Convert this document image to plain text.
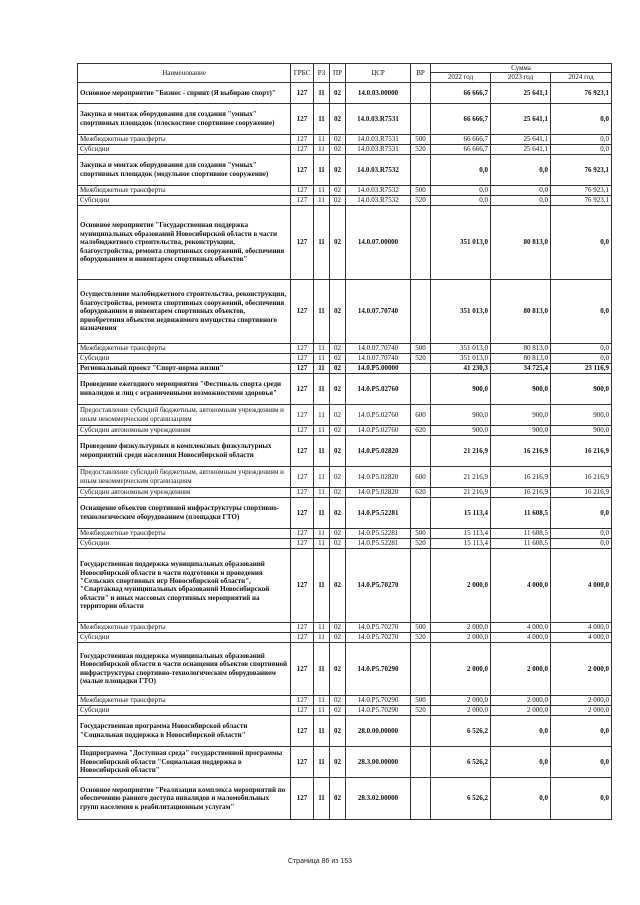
Наименование	ГРБС	РЗ	ПР	ЦСР	ВР	Сумма		
						2022 год	2023 год	2024 год
Основное мероприятие "Бизнес - спринт (Я выбираю спорт)"	127	11	02	14.0.03.00000		66 666,7	25 641,1	76 923,1
Закупка и монтаж оборудования для создания "умных" спортивных площадок (плоскостное спортивное сооружение)	127	11	02	14.0.03.R7531		66 666,7	25 641,1	0,0
Межбюджетные трансферты	127	11	02	14.0.03.R7531	500	66 666,7	25 641,1	0,0
Субсидии	127	11	02	14.0.03.R7531	520	66 666,7	25 641,1	0,0
Закупка и монтаж оборудования для создания "умных" спортивных площадок (модульное спортивное сооружение)	127	11	02	14.0.03.R7532		0,0	0,0	76 923,1
Межбюджетные трансферты	127	11	02	14.0.03.R7532	500	0,0	0,0	76 923,1
Субсидии	127	11	02	14.0.03.R7532	520	0,0	0,0	76 923,1
Основное мероприятие "Государственная поддержка муниципальных образований Новосибирской области в части малобюджетного строительства, реконструкции, благоустройства, ремонта спортивных сооружений, обеспечения оборудованием и инвентарем спортивных объектов"	127	11	02	14.0.07.00000		351 013,0	80 813,0	0,0
Осуществление малобюджетного строительства, реконструкции, благоустройства, ремонта спортивных сооружений, обеспечения оборудованием и инвентарем спортивных объектов, приобретения объектов недвижимого имущества спортивного назначения	127	11	02	14.0.07.70740		351 013,0	80 813,0	0,0
Межбюджетные трансферты	127	11	02	14.0.07.70740	500	351 013,0	80 813,0	0,0
Субсидии	127	11	02	14.0.07.70740	520	351 013,0	80 813,0	0,0
Региональный проект "Спорт-норма жизни"	127	11	02	14.0.P5.00000		41 230,3	34 725,4	23 116,9
Проведение ежегодного мероприятия "Фестиваль спорта среди инвалидов и лиц с ограниченными возможностями здоровья"	127	11	02	14.0.P5.02760		900,0	900,0	900,0
Предоставление субсидий бюджетным, автономным учреждениям и иным некоммерческим организациям	127	11	02	14.0.P5.02760	600	900,0	900,0	900,0
Субсидии автономным учреждениям	127	11	02	14.0.P5.02760	620	900,0	900,0	900,0
Проведение физкультурных и комплексных физкультурных мероприятий среди населения Новосибирской области	127	11	02	14.0.P5.02820		21 216,9	16 216,9	16 216,9
Предоставление субсидий бюджетным, автономным учреждениям и иным некоммерческим организациям	127	11	02	14.0.P5.02820	600	21 216,9	16 216,9	16 216,9
Субсидии автономным учреждениям	127	11	02	14.0.P5.02820	620	21 216,9	16 216,9	16 216,9
Оснащение объектов спортивной инфраструктуры спортивно-технологическим оборудованием (площадки ГТО)	127	11	02	14.0.P5.52281		15 113,4	11 608,5	0,0
Межбюджетные трансферты	127	11	02	14.0.P5.52281	500	15 113,4	11 608,5	0,0
Субсидии	127	11	02	14.0.P5.52281	520	15 113,4	11 608,5	0,0
Государственная поддержка муниципальных образований Новосибирской области в части подготовки и проведения "Сельских спортивных игр Новосибирской области", "Спартакиад муниципальных образований Новосибирской области" и иных массовых спортивных мероприятий на территории области	127	11	02	14.0.P5.70270		2 000,0	4 000,0	4 000,0
Межбюджетные трансферты	127	11	02	14.0.P5.70270	500	2 000,0	4 000,0	4 000,0
Субсидии	127	11	02	14.0.P5.70270	520	2 000,0	4 000,0	4 000,0
Государственная поддержка муниципальных образований Новосибирской области в части оснащения объектов спортивной инфраструктуры спортивно-технологическим оборудованием (малые площадки ГТО)	127	11	02	14.0.P5.70290		2 000,0	2 000,0	2 000,0
Межбюджетные трансферты	127	11	02	14.0.P5.70290	500	2 000,0	2 000,0	2 000,0
Субсидии	127	11	02	14.0.P5.70290	520	2 000,0	2 000,0	2 000,0
Государственная программа Новосибирской области "Социальная поддержка в Новосибирской области"	127	11	02	28.0.00.00000		6 526,2	0,0	0,0
Подпрограмма "Доступная среда" государственной программы Новосибирской области "Социальная поддержка в Новосибирской области"	127	11	02	28.3.00.00000		6 526,2	0,0	0,0
Основное мероприятие "Реализация комплекса мероприятий по обеспечению равного доступа инвалидов и маломобильных групп населения к реабилитационным услугам"	127	11	02	28.3.02.00000		6 526,2	0,0	0,0
Страница 86 из 153
